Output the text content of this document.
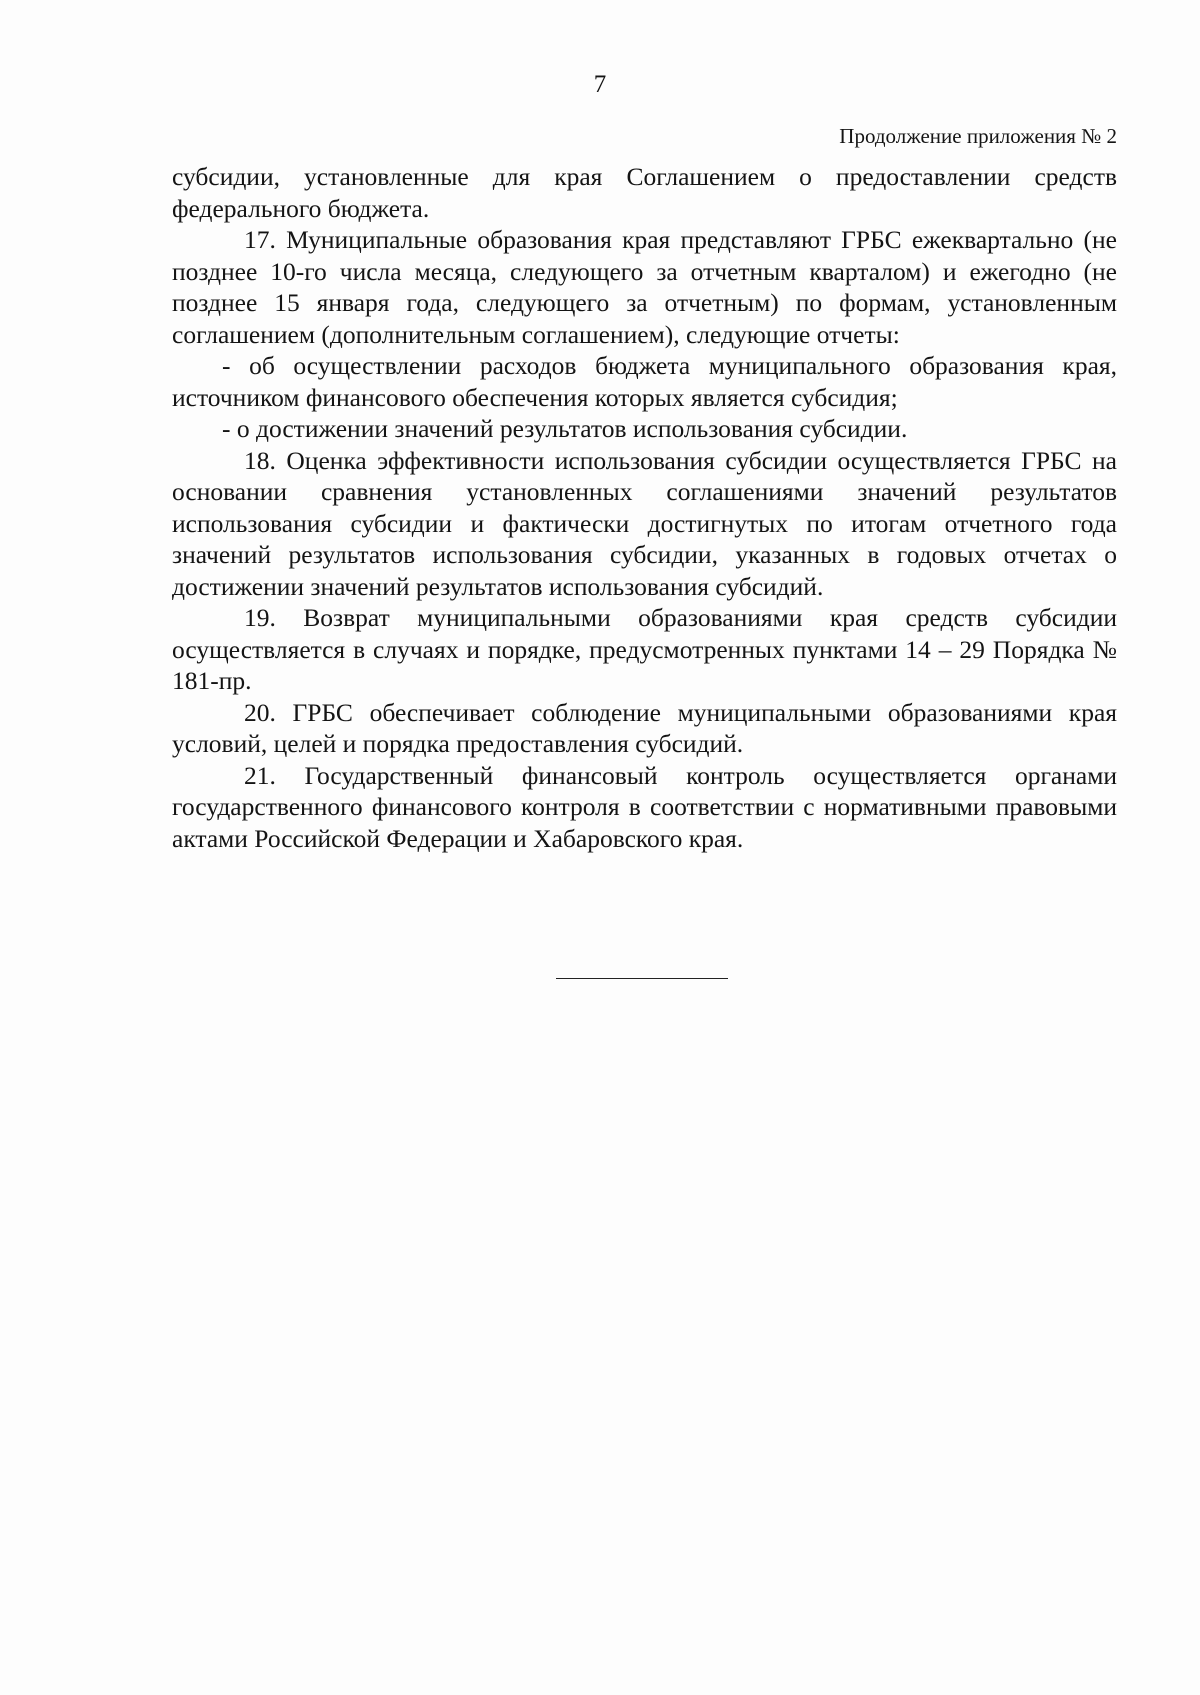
7
Продолжение приложения № 2

субсидии, установленные для края Соглашением о предоставлении средств федерального бюджета.

17. Муниципальные образования края представляют ГРБС ежеквартально (не позднее 10-го числа месяца, следующего за отчетным кварталом) и ежегодно (не позднее 15 января года, следующего за отчетным) по формам, установленным соглашением (дополнительным соглашением), следующие отчеты:

- об осуществлении расходов бюджета муниципального образования края, источником финансового обеспечения которых является субсидия;

- о достижении значений результатов использования субсидии.

18. Оценка эффективности использования субсидии осуществляется ГРБС на основании сравнения установленных соглашениями значений результатов использования субсидии и фактически достигнутых по итогам отчетного года значений результатов использования субсидии, указанных в годовых отчетах о достижении значений результатов использования субсидий.

19. Возврат муниципальными образованиями края средств субсидии осуществляется в случаях и порядке, предусмотренных пунктами 14 – 29 Порядка № 181-пр.

20. ГРБС обеспечивает соблюдение муниципальными образованиями края условий, целей и порядка предоставления субсидий.

21. Государственный финансовый контроль осуществляется органами государственного финансового контроля в соответствии с нормативными правовыми актами Российской Федерации и Хабаровского края.
